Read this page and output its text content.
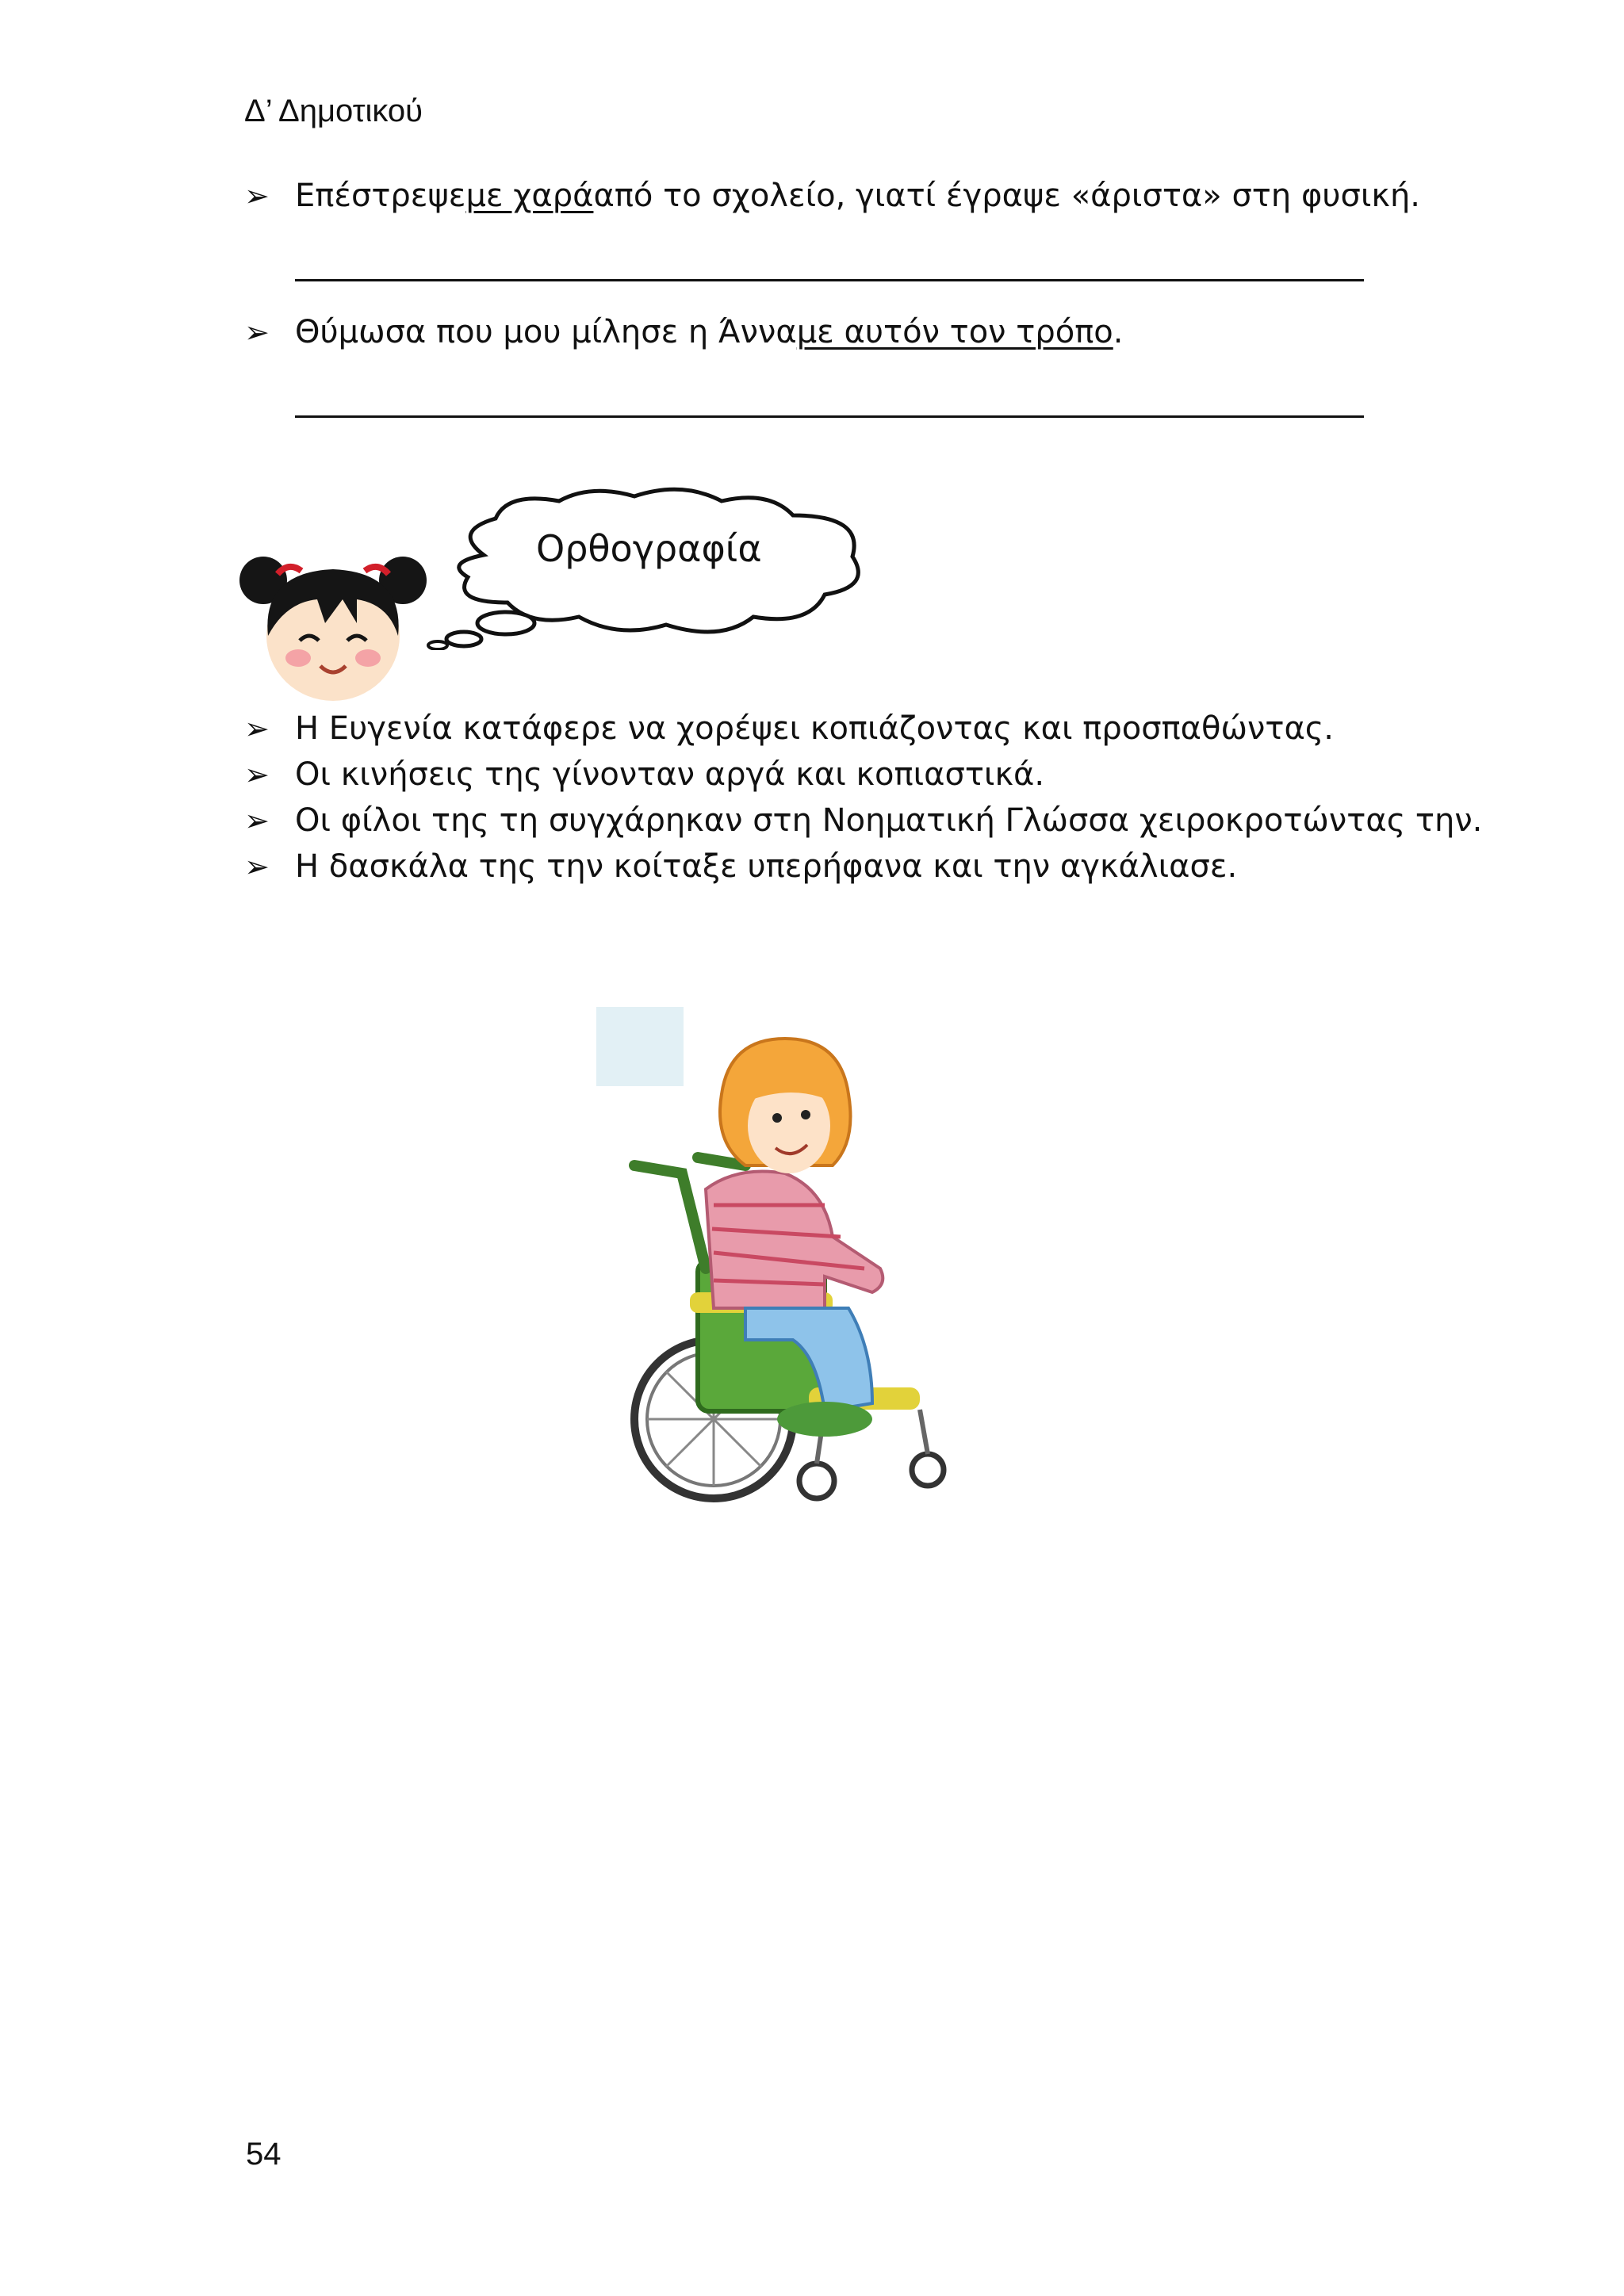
Δ’ Δημοτικού
➢ Επέστρεψε με χαρά από το σχολείο, γιατί έγραψε «άριστα» στη φυσική.
➢ Θύμωσα που μου μίλησε η Άννα με αυτόν τον τρόπο .
Ορθογραφία
➢ Η Ευγενία κατάφερε να χορέψει κοπιάζοντας και προσπαθώντας.
➢ Οι κινήσεις της γίνονταν αργά και κοπιαστικά.
➢ Οι φίλοι της τη συγχάρηκαν στη Νοηματική Γλώσσα χειροκροτώντας την.
➢ Η δασκάλα της την κοίταξε υπερήφανα και την αγκάλιασε.
54
